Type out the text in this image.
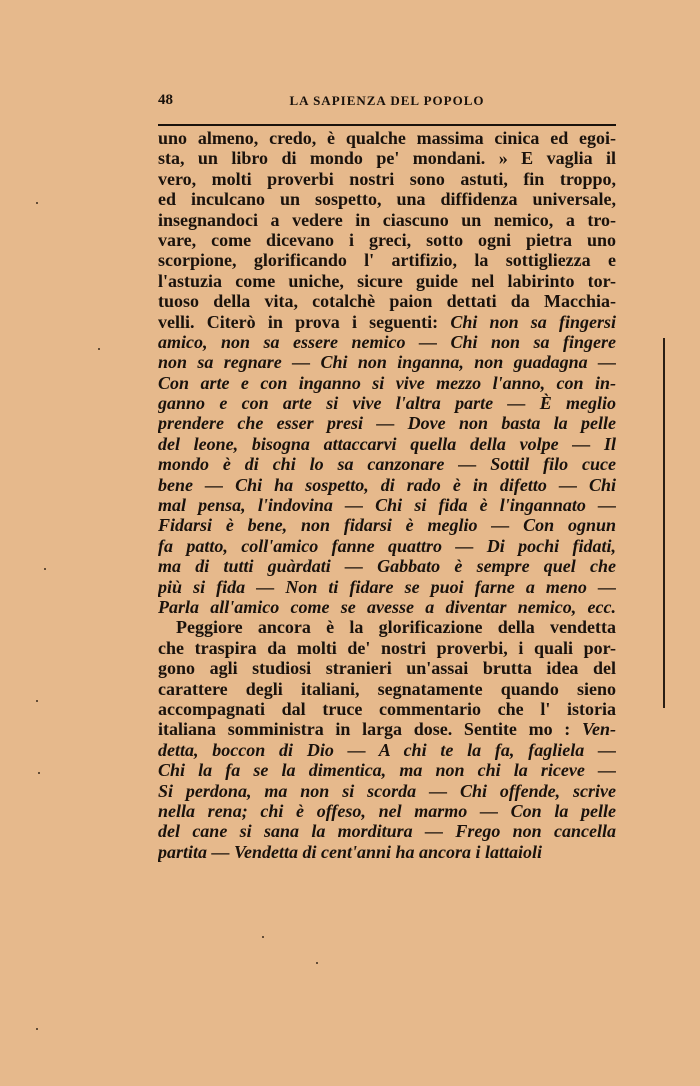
48	LA SAPIENZA DEL POPOLO
uno almeno, credo, è qualche massima cinica ed egoi-
sta, un libro di mondo pe' mondani. » E vaglia il
vero, molti proverbi nostri sono astuti, fin troppo,
ed inculcano un sospetto, una diffidenza universale,
insegnandoci a vedere in ciascuno un nemico, a tro-
vare, come dicevano i greci, sotto ogni pietra uno
scorpione, glorificando l' artifizio, la sottigliezza e
l'astuzia come uniche, sicure guide nel labirinto tor-
tuoso della vita, cotalchè paion dettati da Macchia-
velli. Citerò in prova i seguenti: Chi non sa fingersi
amico, non sa essere nemico — Chi non sa fingere
non sa regnare — Chi non inganna, non guadagna —
Con arte e con inganno si vive mezzo l'anno, con in-
ganno e con arte si vive l'altra parte — È meglio
prendere che esser presi — Dove non basta la pelle
del leone, bisogna attaccarvi quella della volpe — Il
mondo è di chi lo sa canzonare — Sottil filo cuce
bene — Chi ha sospetto, di rado è in difetto — Chi
mal pensa, l'indovina — Chi si fida è l'ingannato —
Fidarsi è bene, non fidarsi è meglio — Con ognun
fa patto, coll'amico fanne quattro — Di pochi fidati,
ma di tutti guàrdati — Gabbato è sempre quel che
più si fida — Non ti fidare se puoi farne a meno —
Parla all'amico come se avesse a diventar nemico, ecc.
Peggiore ancora è la glorificazione della vendetta
che traspira da molti de' nostri proverbi, i quali por-
gono agli studiosi stranieri un'assai brutta idea del
carattere degli italiani, segnatamente quando sieno
accompagnati dal truce commentario che l' istoria
italiana somministra in larga dose. Sentite mo : Ven-
detta, boccon di Dio — A chi te la fa, fagliela —
Chi la fa se la dimentica, ma non chi la riceve —
Si perdona, ma non si scorda — Chi offende, scrive
nella rena; chi è offeso, nel marmo — Con la pelle
del cane si sana la morditura — Frego non cancella
partita — Vendetta di cent'anni ha ancora i lattaioli
